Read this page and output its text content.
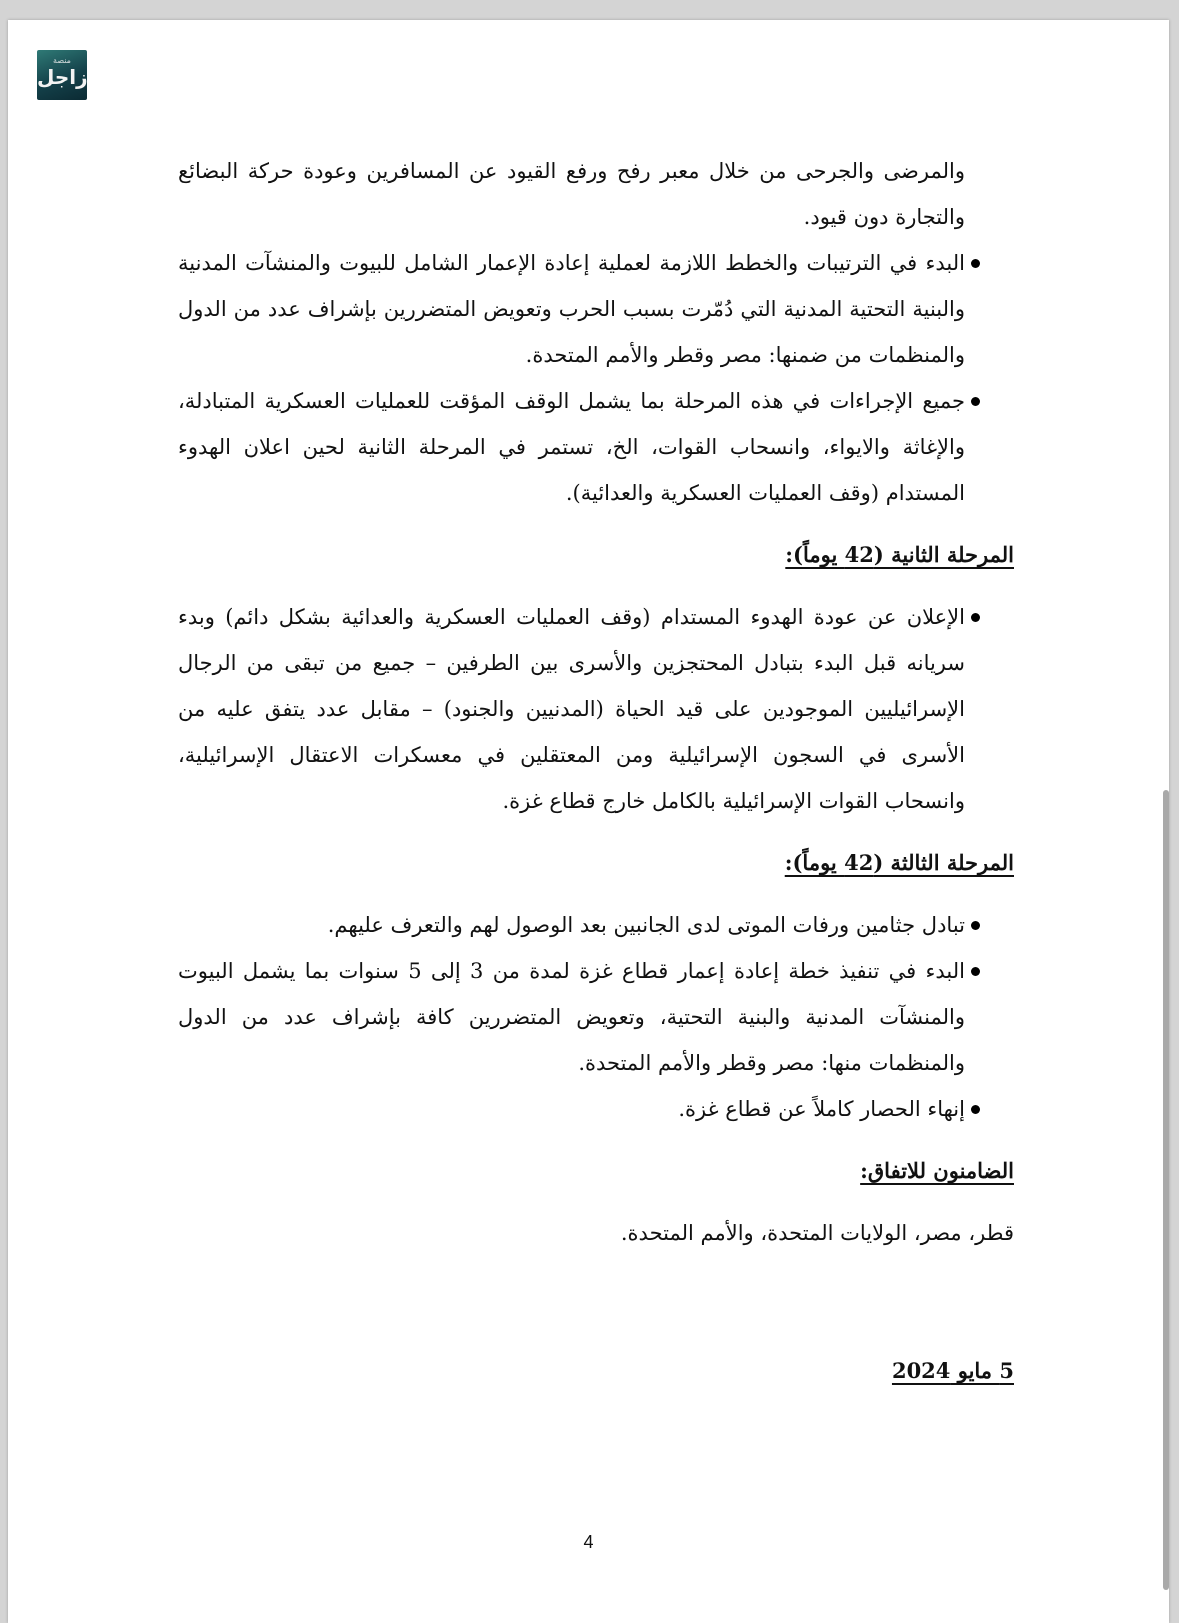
منصة
زاجل

والمرضى والجرحى من خلال معبر رفح ورفع القيود عن المسافرين وعودة حركة البضائع والتجارة دون قيود.

البدء في الترتيبات والخطط اللازمة لعملية إعادة الإعمار الشامل للبيوت والمنشآت المدنية والبنية التحتية المدنية التي دُمّرت بسبب الحرب وتعويض المتضررين بإشراف عدد من الدول والمنظمات من ضمنها: مصر وقطر والأمم المتحدة.
جميع الإجراءات في هذه المرحلة بما يشمل الوقف المؤقت للعمليات العسكرية المتبادلة، والإغاثة والايواء، وانسحاب القوات، الخ، تستمر في المرحلة الثانية لحين اعلان الهدوء المستدام (وقف العمليات العسكرية والعدائية).

المرحلة الثانية (42 يوماً):

الإعلان عن عودة الهدوء المستدام (وقف العمليات العسكرية والعدائية بشكل دائم) وبدء سريانه قبل البدء بتبادل المحتجزين والأسرى بين الطرفين – جميع من تبقى من الرجال الإسرائيليين الموجودين على قيد الحياة (المدنيين والجنود) – مقابل عدد يتفق عليه من الأسرى في السجون الإسرائيلية ومن المعتقلين في معسكرات الاعتقال الإسرائيلية، وانسحاب القوات الإسرائيلية بالكامل خارج قطاع غزة.

المرحلة الثالثة (42 يوماً):

تبادل جثامين ورفات الموتى لدى الجانبين بعد الوصول لهم والتعرف عليهم.
البدء في تنفيذ خطة إعادة إعمار قطاع غزة لمدة من 3 إلى 5 سنوات بما يشمل البيوت والمنشآت المدنية والبنية التحتية، وتعويض المتضررين كافة بإشراف عدد من الدول والمنظمات منها: مصر وقطر والأمم المتحدة.
إنهاء الحصار كاملاً عن قطاع غزة.

الضامنون للاتفاق:

قطر، مصر، الولايات المتحدة، والأمم المتحدة.

5 مايو 2024

4
